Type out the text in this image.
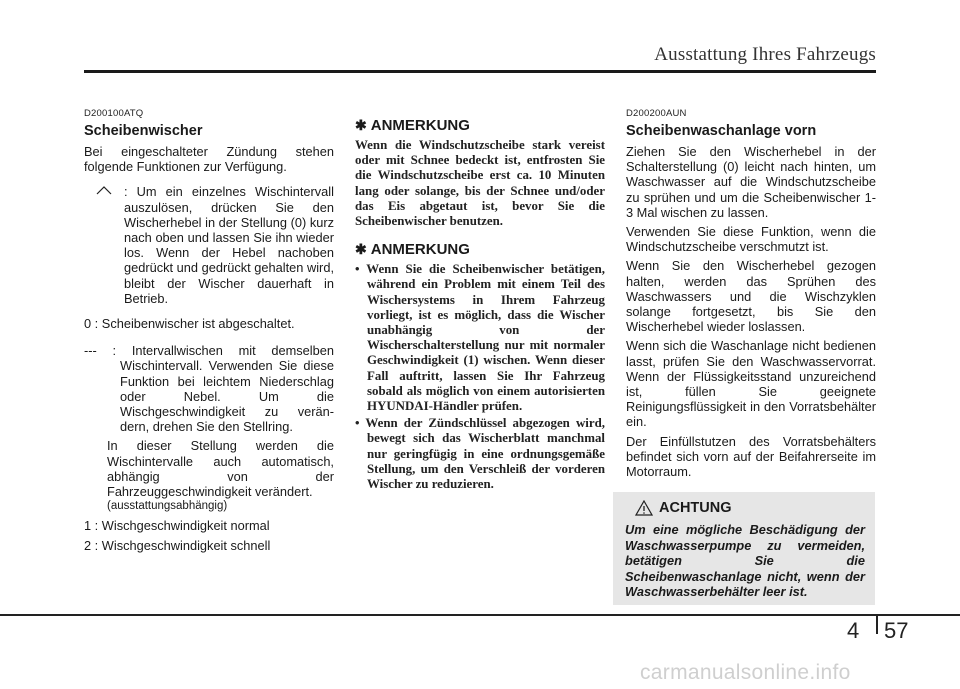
Ausstattung Ihres Fahrzeugs
D200100ATQ
Scheibenwischer

Bei eingeschalteter Zündung stehen folgende Funktionen zur Verfügung.

: Um ein einzelnes Wischintervall auszulösen, drücken Sie den Wischerhebel in der Stellung (0) kurz nach oben und lassen Sie ihn wieder los. Wenn der Hebel nachoben gedrückt und gedrückt gehalten wird, bleibt der Wischer dauerhaft in Betrieb.

0 : Scheibenwischer ist abgeschaltet.

--- : Intervallwischen mit demselben Wischintervall. Verwenden Sie diese Funktion bei leichtem Niederschlag oder Nebel. Um die Wischgeschwindigkeit zu verän- dern, drehen Sie den Stellring.

In dieser Stellung werden die Wischintervalle auch automatisch, abhängig von der Fahrzeuggeschwindigkeit verändert.

(ausstattungsabhängig)

1 : Wischgeschwindigkeit normal

2 : Wischgeschwindigkeit schnell

✱ ANMERKUNG

Wenn die Windschutzscheibe stark vereist oder mit Schnee bedeckt ist, entfrosten Sie die Windschutzscheibe erst ca. 10 Minuten lang oder solange, bis der Schnee und/oder das Eis abgetaut ist, bevor Sie die Scheibenwischer benutzen.

✱ ANMERKUNG
• Wenn Sie die Scheibenwischer betätigen, während ein Problem mit einem Teil des Wischersystems in Ihrem Fahrzeug vorliegt, ist es möglich, dass die Wischer unabhängig von der Wischerschalterstellung nur mit normaler Geschwindigkeit (1) wischen. Wenn dieser Fall auftritt, lassen Sie Ihr Fahrzeug sobald als möglich von einem autorisierten HYUNDAI-Händler prüfen.
• Wenn der Zündschlüssel abgezogen wird, bewegt sich das Wischerblatt manchmal nur geringfügig in eine ordnungsgemäße Stellung, um den Verschleiß der vorderen Wischer zu reduzieren.
D200200AUN
Scheibenwaschanlage vorn

Ziehen Sie den Wischerhebel in der Schalterstellung (0) leicht nach hinten, um Waschwasser auf die Windschutzscheibe zu sprühen und um die Scheibenwischer 1-3 Mal wischen zu lassen.

Verwenden Sie diese Funktion, wenn die Windschutzscheibe verschmutzt ist.

Wenn Sie den Wischerhebel gezogen halten, werden das Sprühen des Waschwassers und die Wischzyklen solange fortgesetzt, bis Sie den Wischerhebel wieder loslassen.

Wenn sich die Waschanlage nicht bedienen lasst, prüfen Sie den Waschwasservorrat. Wenn der Flüssigkeitsstand unzureichend ist, füllen Sie geeignete Reinigungsflüssigkeit in den Vorratsbehälter ein.

Der Einfüllstutzen des Vorratsbehälters befindet sich vorn auf der Beifahrerseite im Motorraum.

ACHTUNG
Um eine mögliche Beschädigung der Waschwasserpumpe zu vermeiden, betätigen Sie die Scheibenwaschanlage nicht, wenn der Waschwasserbehälter leer ist.
4 57
carmanualsonline.info
